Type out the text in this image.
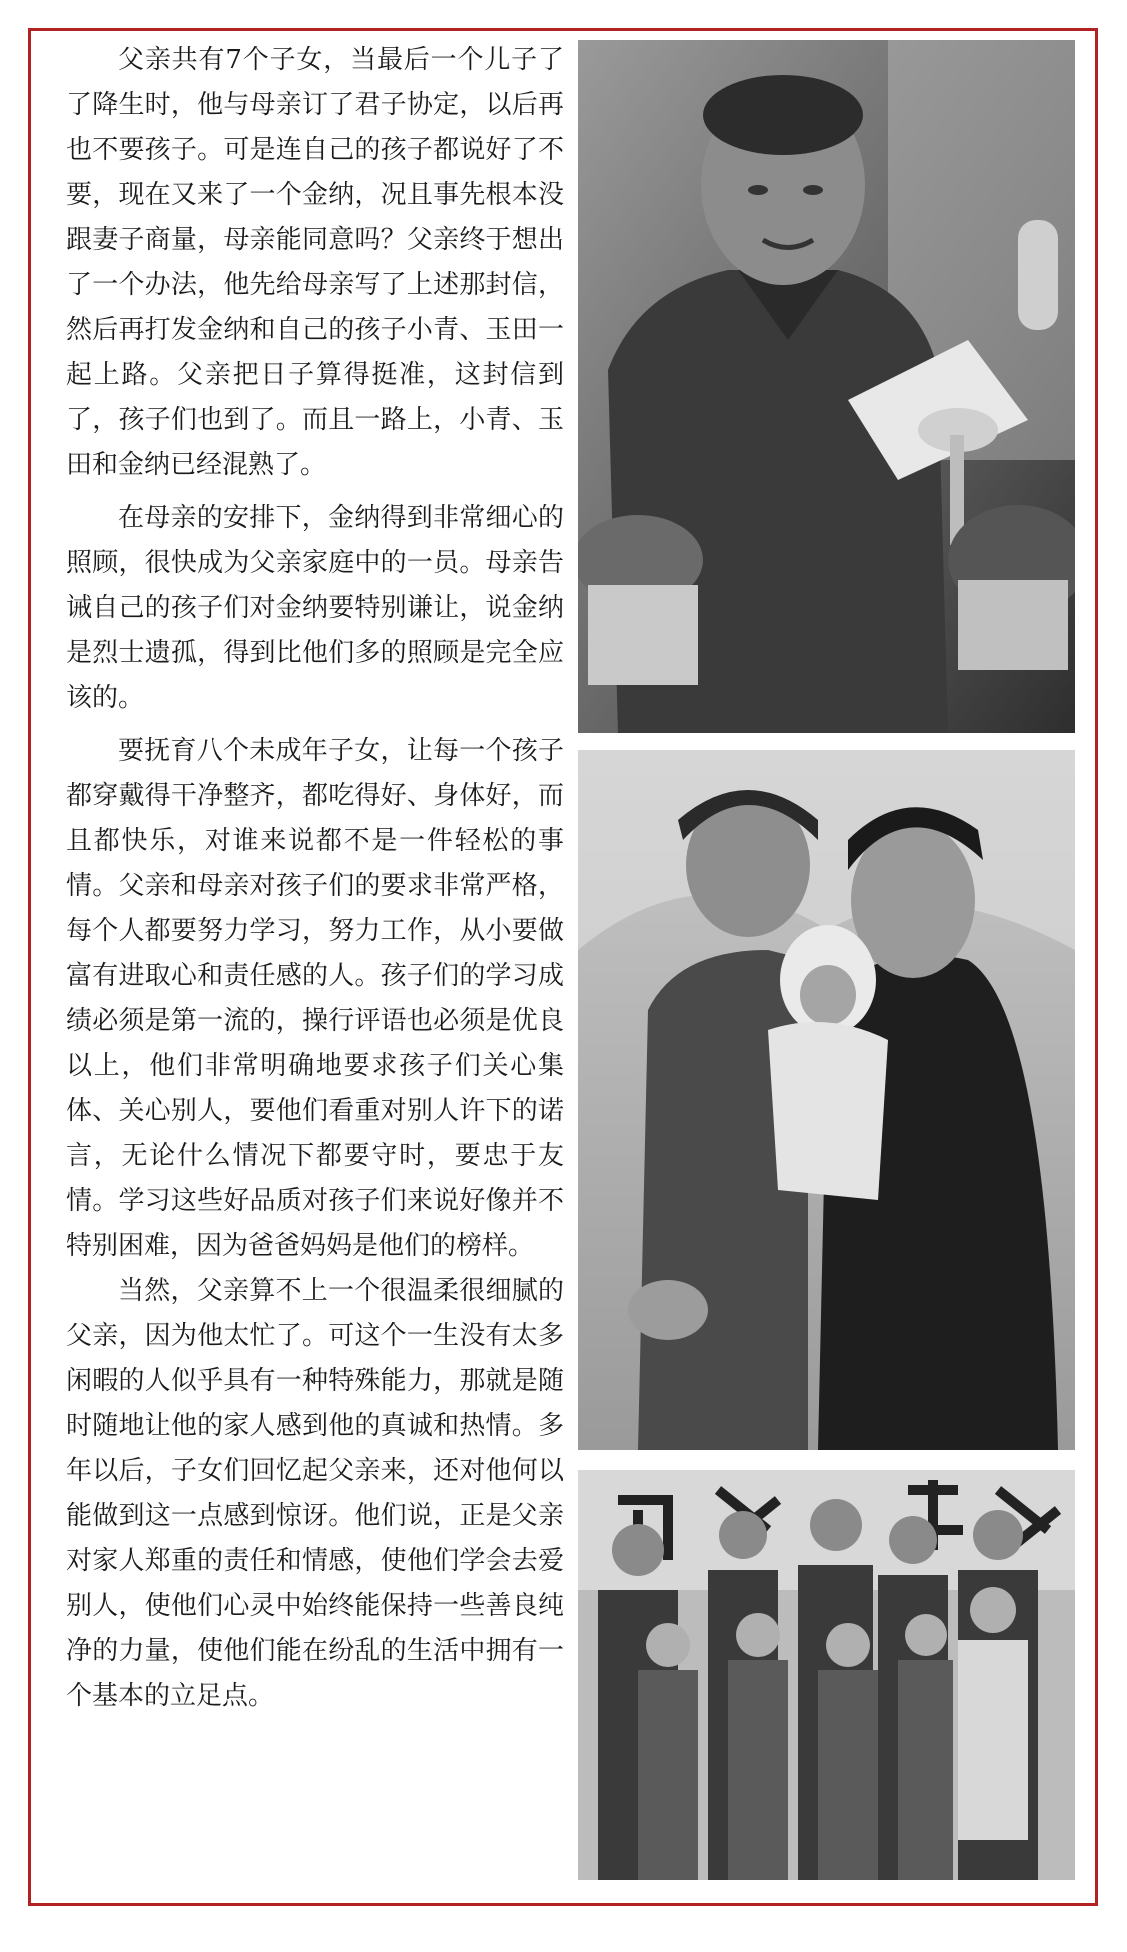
父亲共有7个子女，当最后一个儿子了了降生时，他与母亲订了君子协定，以后再也不要孩子。可是连自己的孩子都说好了不要，现在又来了一个金纳，况且事先根本没跟妻子商量，母亲能同意吗？父亲终于想出了一个办法，他先给母亲写了上述那封信，然后再打发金纳和自己的孩子小青、玉田一起上路。父亲把日子算得挺准，这封信到了，孩子们也到了。而且一路上，小青、玉田和金纳已经混熟了。

在母亲的安排下，金纳得到非常细心的照顾，很快成为父亲家庭中的一员。母亲告诫自己的孩子们对金纳要特别谦让，说金纳是烈士遗孤，得到比他们多的照顾是完全应该的。

要抚育八个未成年子女，让每一个孩子都穿戴得干净整齐，都吃得好、身体好，而且都快乐，对谁来说都不是一件轻松的事情。父亲和母亲对孩子们的要求非常严格，每个人都要努力学习，努力工作，从小要做富有进取心和责任感的人。孩子们的学习成绩必须是第一流的，操行评语也必须是优良以上，他们非常明确地要求孩子们关心集体、关心别人，要他们看重对别人许下的诺言，无论什么情况下都要守时，要忠于友情。学习这些好品质对孩子们来说好像并不特别困难，因为爸爸妈妈是他们的榜样。

当然，父亲算不上一个很温柔很细腻的父亲，因为他太忙了。可这个一生没有太多闲暇的人似乎具有一种特殊能力，那就是随时随地让他的家人感到他的真诚和热情。多年以后，子女们回忆起父亲来，还对他何以能做到这一点感到惊讶。他们说，正是父亲对家人郑重的责任和情感，使他们学会去爱别人，使他们心灵中始终能保持一些善良纯净的力量，使他们能在纷乱的生活中拥有一个基本的立足点。
